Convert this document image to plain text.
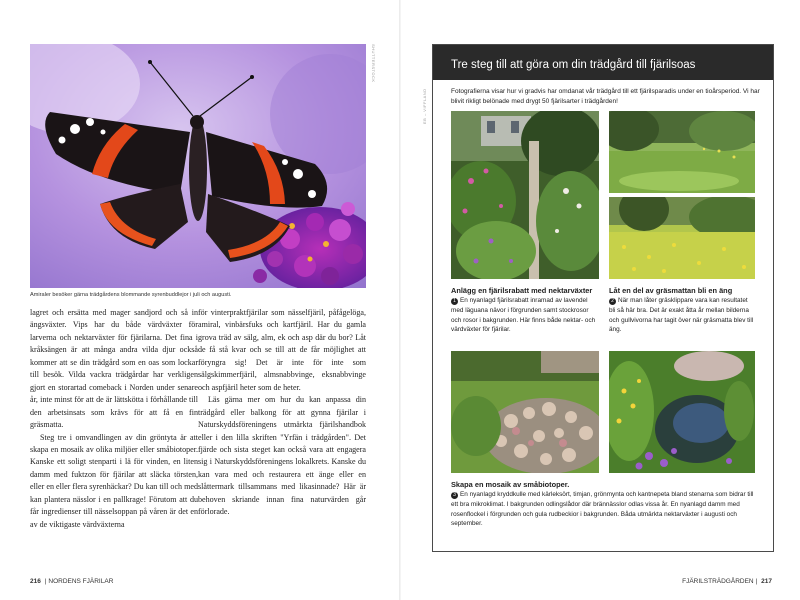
SHUTTERSTOCK
Amiraler besöker gärna trädgårdens blommande syrenbuddlejor i juli och augusti.

lagret och ersätta med mager sandjord och så in ängsväxter. Vips har du både värdväxter för larverna och nektarväxter för fjärilarna. Det fina i kråksängen är att många andra vilda djur också kommer att se din trädgård som en oas som lockar till besök. Vilda vackra trädgårdar har verkligen gjort en storartad comeback i Norden under senare år, inte minst för att de är lättskötta i förhållande till den arbetsinsats som krävs för att få en fin gräsmatta.

Steg tre i omvandlingen av din gröntyta är att skapa en mosaik av olika miljöer eller småbiotoper. Kanske ett soligt stenparti i lä för vinden, en liten damm med fuktzon för fjärilar att släcka törsten, eller en eller flera syrenhäckar? Du kan till och med kan plantera nässlor i en pallkrage! Förutom att du får ingredienser till nässelsoppan på våren är det en av de viktigaste värdväxterna

för vinterpraktfjärilar som nässelfjäril, påfågelöga, amiral, vinbärsfuks och kartfjäril. Har du gamla grova träd av sälg, alm, ek och asp där du bor? Låt de få stå kvar och se till att de får möjlighet att föryngra sig! Det är inte för inte som sälgskimmerfjäril, almsnabbvinge, eksnabbvinge och aspfjäril heter som de heter.

Läs gärna mer om hur du kan anpassa din trädgård eller balkong för att gynna fjärilar i Naturskyddsföreningens utmärkta fjärilshandbok eller i den lilla skriften "Yrfän i trädgården". Det fjärde och sista steget kan också vara att engagera sig i Naturskyddsföreningens lokalkrets. Kanske du kan vara med och restaurera ett änge eller en slåttermark tillsammans med likasinnade? Här är behoven skriande innan fina naturvärden går förlorade.

216 | NORDENS FJÄRILAR
EB – VIFFLAND
Tre steg till att göra om din trädgård till fjärilsoas
Fotografierna visar hur vi gradvis har omdanat vår trädgård till ett fjärilsparadis under en tioårsperiod. Vi har blivit rikligt belönade med drygt 50 fjärilsarter i trädgården!
Anlägg en fjärilsrabatt med nektarväxter
1 En nyanlagd fjärilsrabatt inramad av lavendel med läguana nävor i förgrunden samt stockrosor och rosor i bakgrunden. Här finns både nektar- och värdväxter för fjärilar.
Låt en del av gräsmattan bli en äng
2 När man låter gräsklippare vara kan resultatet bli så här bra. Det är exakt åtta år mellan bilderna och gullvivorna har tagit över när gräsmatta blev till äng.
Skapa en mosaik av småbiotoper.
3 En nyanlagd kryddkulle med kärleksört, timjan, grönmynta och kantnepeta bland stenarna som bidrar till ett bra mikroklimat. I bakgrunden odlingslådor där brännässlor odlas vissa år. En nyanlagd damm med rosenflockel i förgrunden och gula rudbeckior i bakgrunden. Båda utmärkta nektarväxter i augusti och september.
FJÄRILSTRÄDGÅRDEN | 217
